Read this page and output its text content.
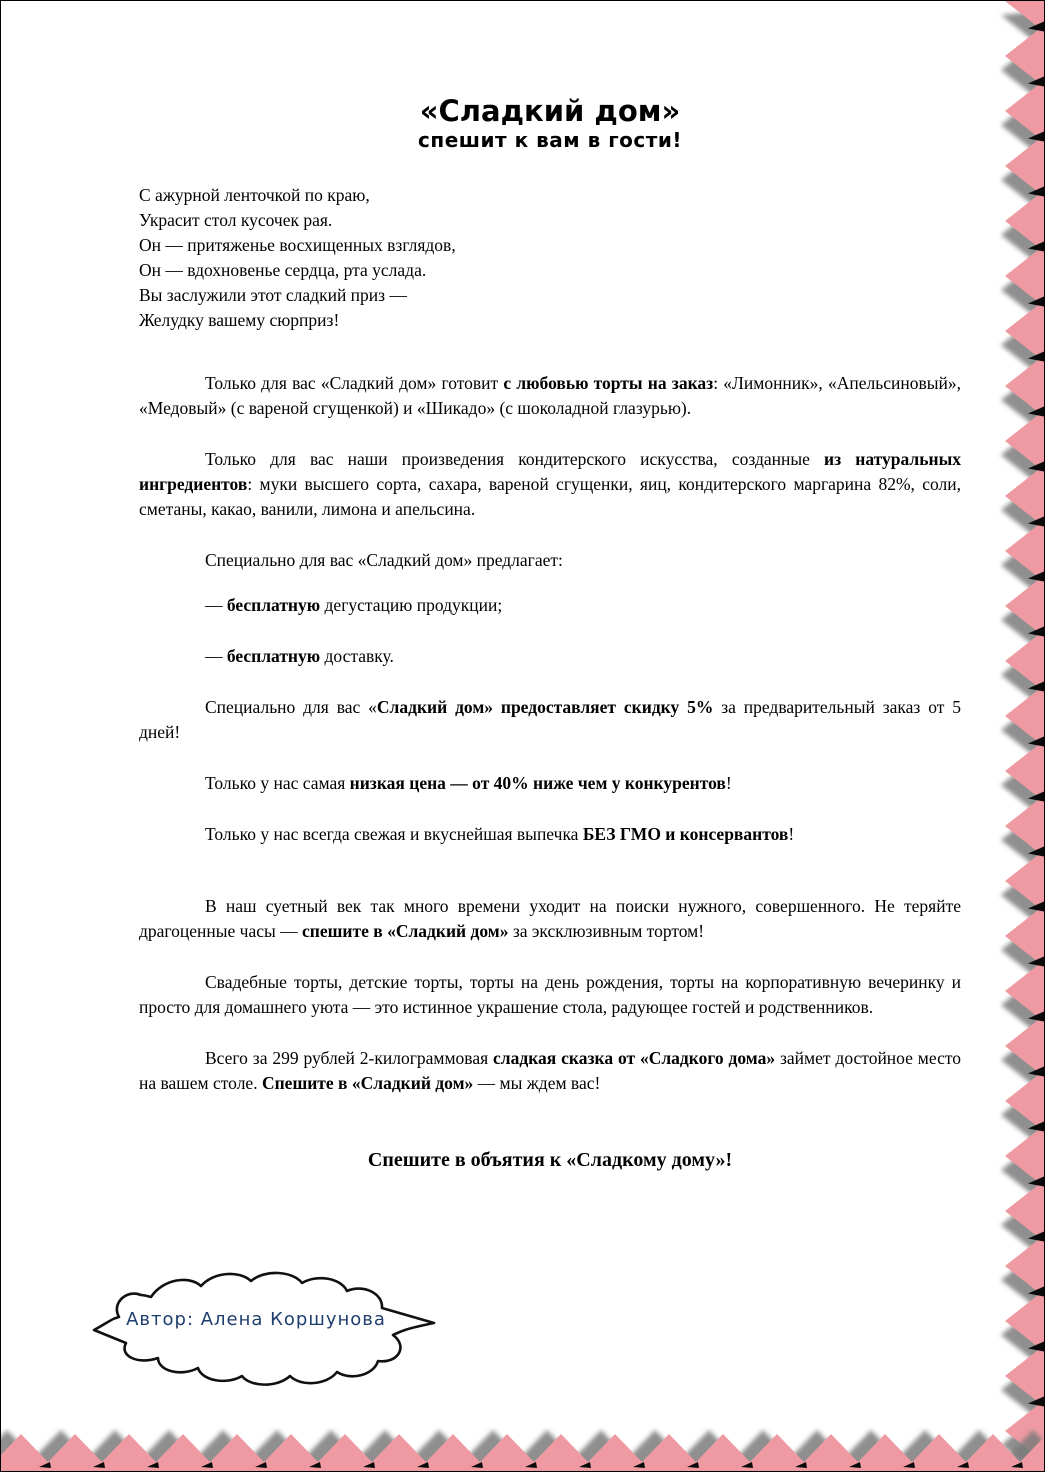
«Сладкий дом»
спешит к вам в гости!
С ажурной ленточкой по краю,
Украсит стол кусочек рая.
Он — притяженье восхищенных взглядов,
Он — вдохновенье сердца, рта услада.
Вы заслужили этот сладкий приз —
Желудку вашему сюрприз!
Только для вас «Сладкий дом» готовит с любовью торты на заказ: «Лимонник», «Апельсиновый», «Медовый» (с вареной сгущенкой) и «Шикадо» (с шоколадной глазурью).
Только для вас наши произведения кондитерского искусства, созданные из натуральных ингредиентов: муки высшего сорта, сахара, вареной сгущенки, яиц, кондитерского маргарина 82%, соли, сметаны, какао, ванили, лимона и апельсина.
Специально для вас «Сладкий дом» предлагает:
— бесплатную дегустацию продукции;
— бесплатную доставку.
Специально для вас «Сладкий дом» предоставляет скидку 5% за предварительный заказ от 5 дней!
Только у нас самая низкая цена — от 40% ниже чем у конкурентов!
Только у нас всегда свежая и вкуснейшая выпечка БЕЗ ГМО и консервантов!
В наш суетный век так много времени уходит на поиски нужного, совершенного. Не теряйте драгоценные часы — спешите в «Сладкий дом» за эксклюзивным тортом!
Свадебные торты, детские торты, торты на день рождения, торты на корпоративную вечеринку и просто для домашнего уюта — это истинное украшение стола, радующее гостей и родственников.
Всего за 299 рублей 2-килограммовая сладкая сказка от «Сладкого дома» займет достойное место на вашем столе. Спешите в «Сладкий дом» — мы ждем вас!
Спешите в объятия к «Сладкому дому»!
Автор: Алена Коршунова
